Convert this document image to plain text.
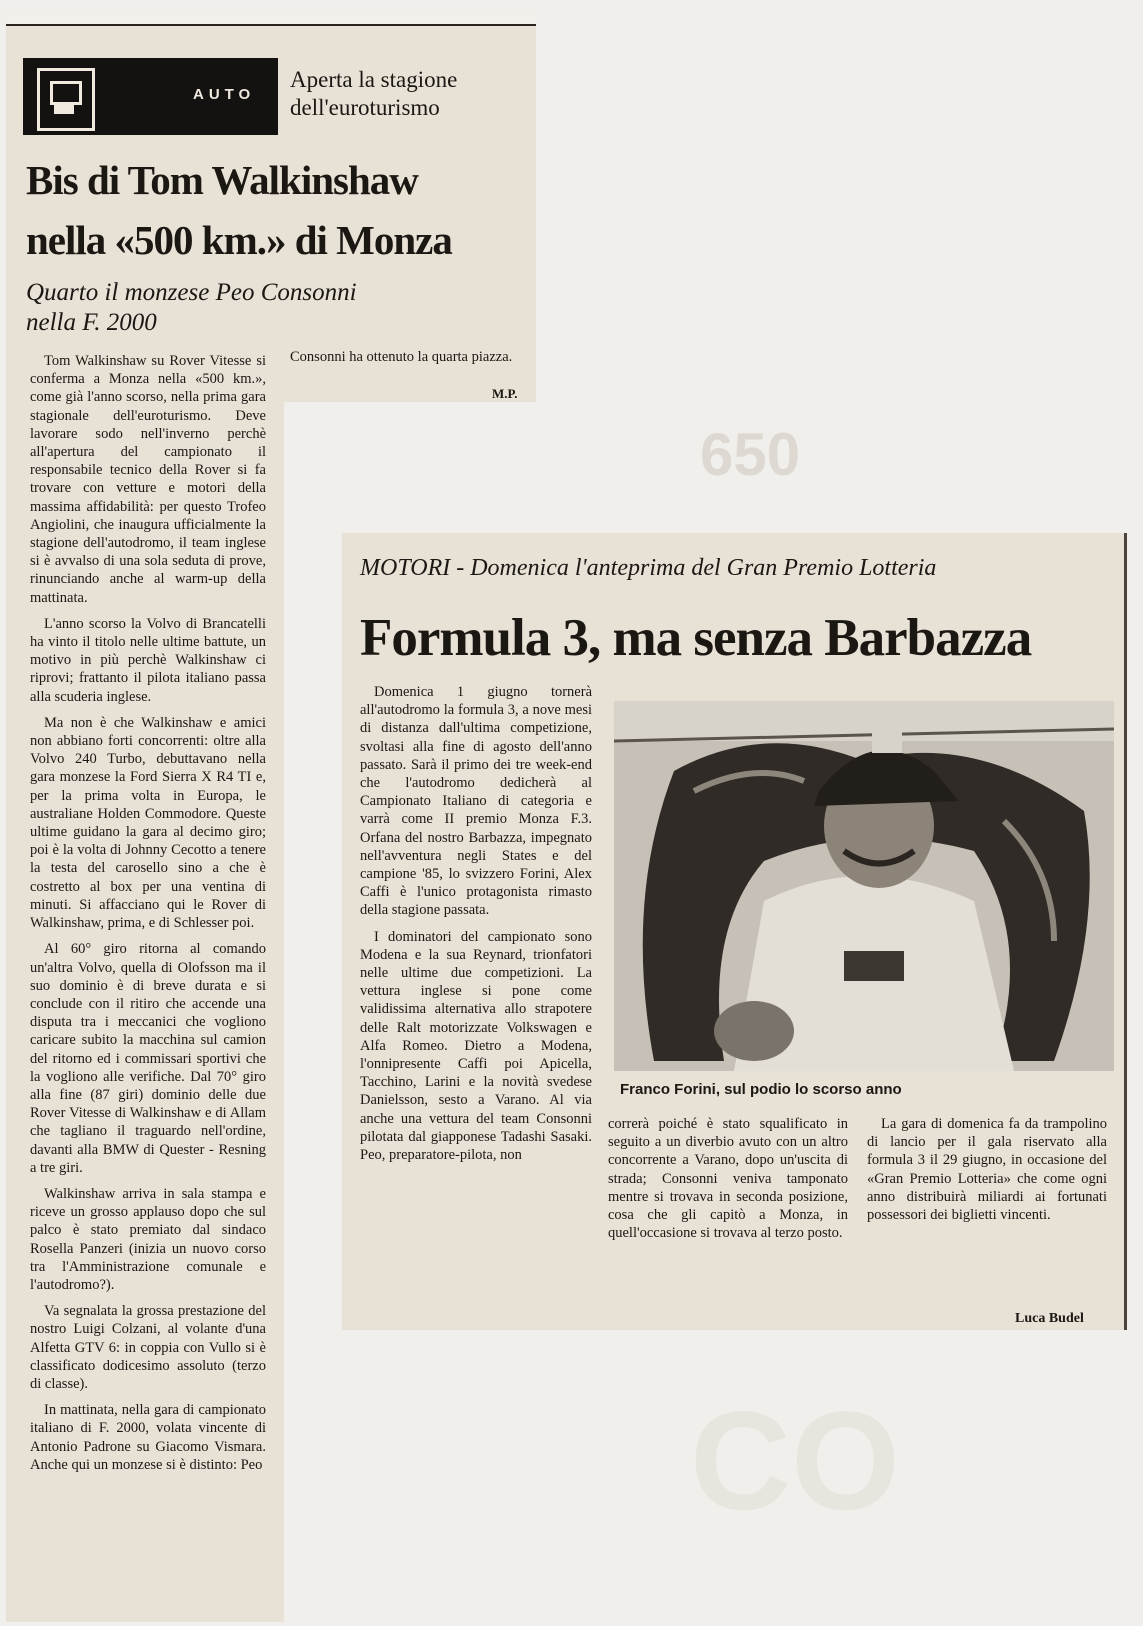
650
CO
AUTO
Aperta la stagione dell'euroturismo
Bis di Tom Walkinshaw
nella «500 km.» di Monza
Quarto il monzese Peo Consonni
nella F. 2000

Consonni ha ottenuto la quarta piazza.

M.P.

Tom Walkinshaw su Rover Vitesse si conferma a Monza nella «500 km.», come già l'anno scorso, nella prima gara stagionale dell'euroturismo. Deve lavorare sodo nell'inverno perchè all'apertura del campionato il responsabile tecnico della Rover si fa trovare con vetture e motori della massima affidabilità: per questo Trofeo Angiolini, che inaugura ufficialmente la stagione dell'autodromo, il team inglese si è avvalso di una sola seduta di prove, rinunciando anche al warm-up della mattinata.

L'anno scorso la Volvo di Brancatelli ha vinto il titolo nelle ultime battute, un motivo in più perchè Walkinshaw ci riprovi; frattanto il pilota italiano passa alla scuderia inglese.

Ma non è che Walkinshaw e amici non abbiano forti concorrenti: oltre alla Volvo 240 Turbo, debuttavano nella gara monzese la Ford Sierra X R4 TI e, per la prima volta in Europa, le australiane Holden Commodore. Queste ultime guidano la gara al decimo giro; poi è la volta di Johnny Cecotto a tenere la testa del carosello sino a che è costretto al box per una ventina di minuti. Si affacciano qui le Rover di Walkinshaw, prima, e di Schlesser poi.

Al 60° giro ritorna al comando un'altra Volvo, quella di Olofsson ma il suo dominio è di breve durata e si conclude con il ritiro che accende una disputa tra i meccanici che vogliono caricare subito la macchina sul camion del ritorno ed i commissari sportivi che la vogliono alle verifiche. Dal 70° giro alla fine (87 giri) dominio delle due Rover Vitesse di Walkinshaw e di Allam che tagliano il traguardo nell'ordine, davanti alla BMW di Quester - Resning a tre giri.

Walkinshaw arriva in sala stampa e riceve un grosso applauso dopo che sul palco è stato premiato dal sindaco Rosella Panzeri (inizia un nuovo corso tra l'Amministrazione comunale e l'autodromo?).

Va segnalata la grossa prestazione del nostro Luigi Colzani, al volante d'una Alfetta GTV 6: in coppia con Vullo si è classificato dodicesimo assoluto (terzo di classe).

In mattinata, nella gara di campionato italiano di F. 2000, volata vincente di Antonio Padrone su Giacomo Vismara. Anche qui un monzese si è distinto: Peo

MOTORI - Domenica l'anteprima del Gran Premio Lotteria
Formula 3, ma senza Barbazza

Domenica 1 giugno tornerà all'autodromo la formula 3, a nove mesi di distanza dall'ultima competizione, svoltasi alla fine di agosto dell'anno passato. Sarà il primo dei tre week-end che l'autodromo dedicherà al Campionato Italiano di categoria e varrà come II premio Monza F.3. Orfana del nostro Barbazza, impegnato nell'avventura negli States e del campione '85, lo svizzero Forini, Alex Caffi è l'unico protagonista rimasto della stagione passata.

I dominatori del campionato sono Modena e la sua Reynard, trionfatori nelle ultime due competizioni. La vettura inglese si pone come validissima alternativa allo strapotere delle Ralt motorizzate Volkswagen e Alfa Romeo. Dietro a Modena, l'onnipresente Caffi poi Apicella, Tacchino, Larini e la novità svedese Danielsson, sesto a Varano. Al via anche una vettura del team Consonni pilotata dal giapponese Tadashi Sasaki. Peo, preparatore-pilota, non

Franco Forini, sul podio lo scorso anno

correrà poiché è stato squalificato in seguito a un diverbio avuto con un altro concorrente a Varano, dopo un'uscita di strada; Consonni veniva tamponato mentre si trovava in seconda posizione, cosa che gli capitò a Monza, in quell'occasione si trovava al terzo posto.

La gara di domenica fa da trampolino di lancio per il gala riservato alla formula 3 il 29 giugno, in occasione del «Gran Premio Lotteria» che come ogni anno distribuirà miliardi ai fortunati possessori dei biglietti vincenti.

Luca Budel
